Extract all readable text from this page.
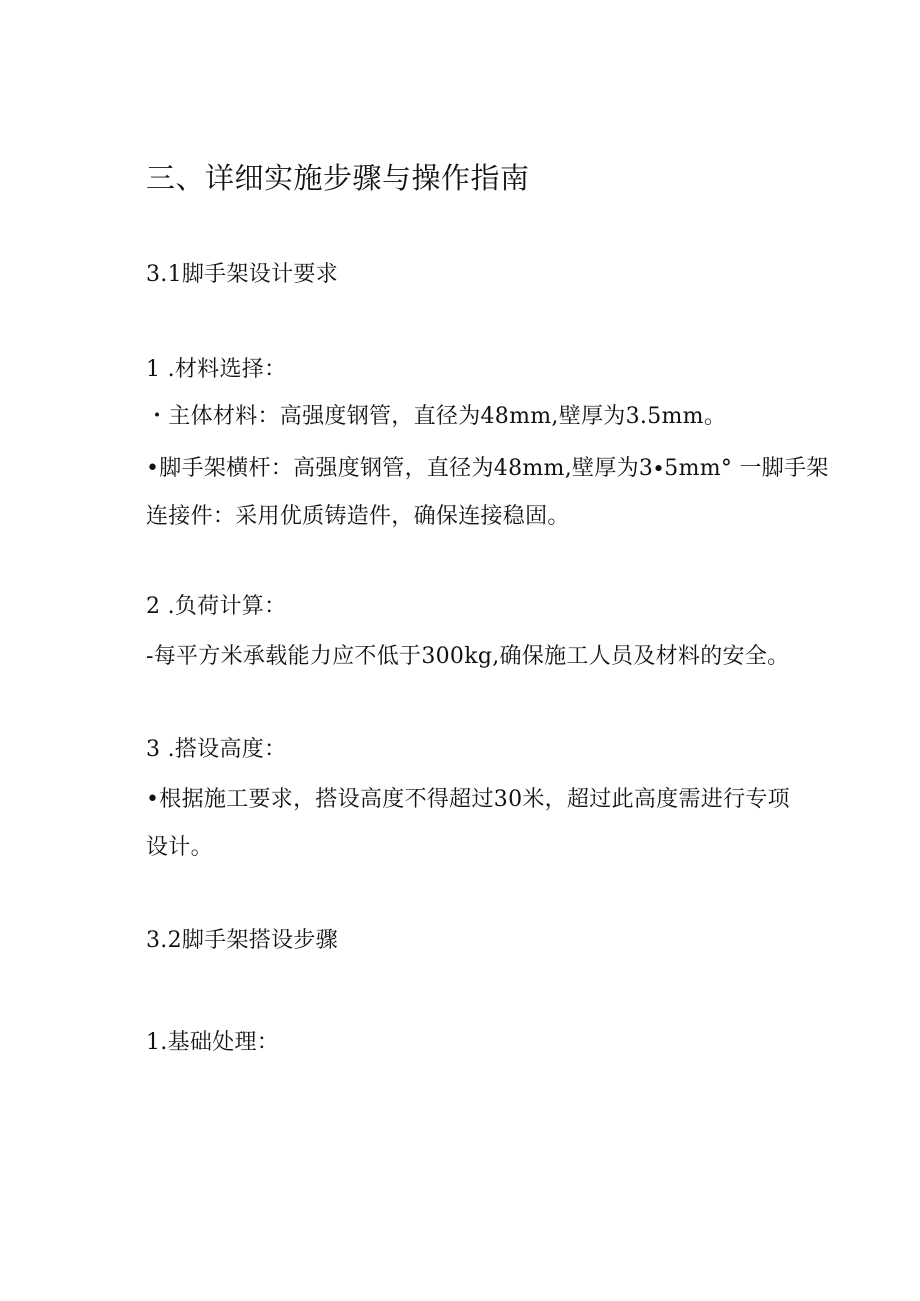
三、详细实施步骤与操作指南
3.1脚手架设计要求
1 .材料选择：
・主体材料：高强度钢管，直径为48mm,壁厚为3.5mm。
•脚手架横杆：高强度钢管，直径为48mm,壁厚为3∙5mm° 一脚手架
连接件：采用优质铸造件，确保连接稳固。
2 .负荷计算：
-每平方米承载能力应不低于300kg,确保施工人员及材料的安全。
3 .搭设高度：
•根据施工要求，搭设高度不得超过30米，超过此高度需进行专项
设计。
3.2脚手架搭设步骤
1.基础处理：
